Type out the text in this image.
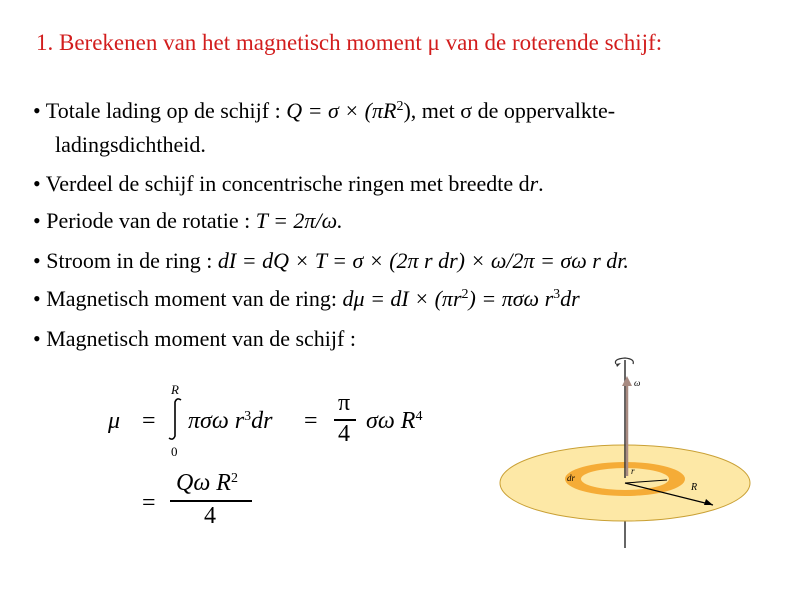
1. Berekenen van het magnetisch moment μ van de roterende schijf:
• Totale lading op de schijf : $Q = \sigma \times (\pi R^2)$, met σ de oppervalkte-
ladingsdichtheid.
• Verdeel de schijf in concentrische ringen met breedte dr.
• Periode van de rotatie : T = 2π/ω.
• Stroom in de ring : dI = dQ × T = σ × (2π r dr) × ω/2π = σω r dr.
• Magnetisch moment van de ring: dμ = dI × $(\pi r^2) = \pi\sigma\omega$ $r^3dr$
• Magnetisch moment van de schijf :
μ =
R
0
πσω $r^3dr$ =
π
4 σω $R^4$
=
Qω $R^2$
4
ω
R
r
dr
